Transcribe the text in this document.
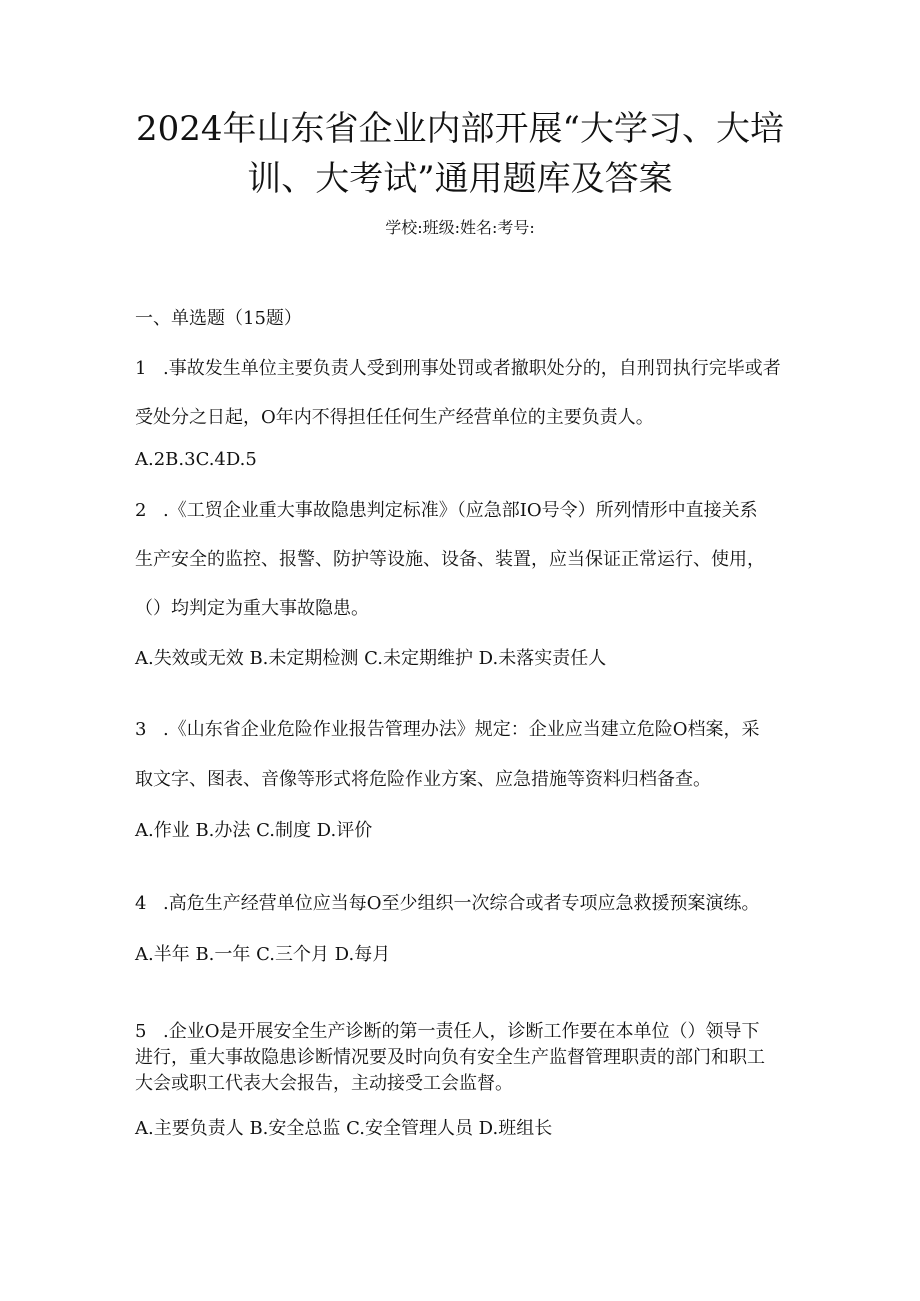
2024年山东省企业内部开展“大学习、大培
训、大考试”通用题库及答案
学校:班级:姓名:考号:
一、单选题（15题）
1 .事故发生单位主要负责人受到刑事处罚或者撤职处分的，自刑罚执行完毕或者
受处分之日起，O年内不得担任任何生产经营单位的主要负责人。
A.2B.3C.4D.5
2 .《工贸企业重大事故隐患判定标准》（应急部IO号令）所列情形中直接关系
生产安全的监控、报警、防护等设施、设备、装置，应当保证正常运行、使用，
（）均判定为重大事故隐患。
A.失效或无效 B.未定期检测 C.未定期维护 D.未落实责任人
3 .《山东省企业危险作业报告管理办法》规定：企业应当建立危险O档案，采
取文字、图表、音像等形式将危险作业方案、应急措施等资料归档备查。
A.作业 B.办法 C.制度 D.评价
4 .高危生产经营单位应当每O至少组织一次综合或者专项应急救援预案演练。
A.半年 B.一年 C.三个月 D.每月
5 .企业O是开展安全生产诊断的第一责任人，诊断工作要在本单位（）领导下
进行，重大事故隐患诊断情况要及时向负有安全生产监督管理职责的部门和职工
大会或职工代表大会报告，主动接受工会监督。
A.主要负责人 B.安全总监 C.安全管理人员 D.班组长
